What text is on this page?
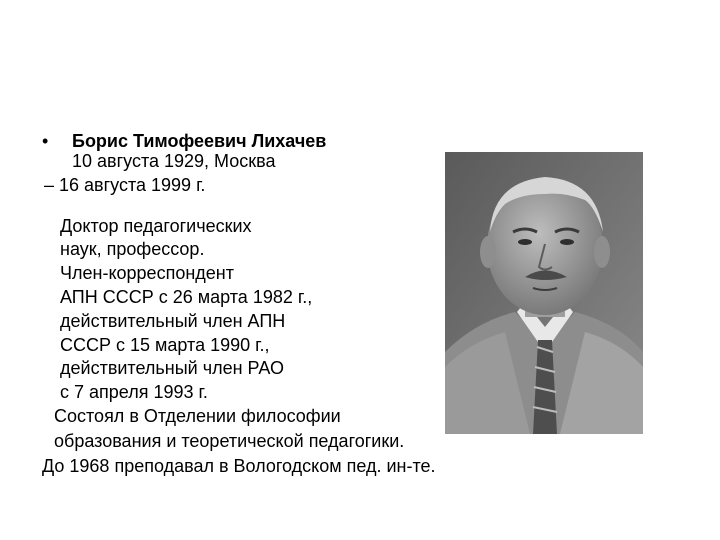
• Борис Тимофеевич Лихачев
10 августа 1929, Москва
– 16 августа 1999 г.
Доктор педагогических
наук, профессор.
Член-корреспондент
АПН СССР с 26 марта 1982 г.,
действительный член АПН
СССР с 15 марта 1990 г.,
действительный член РАО
с 7 апреля 1993 г.
Состоял в Отделении философии
образования и теоретической педагогики.
До 1968 преподавал в Вологодском пед. ин-те.
